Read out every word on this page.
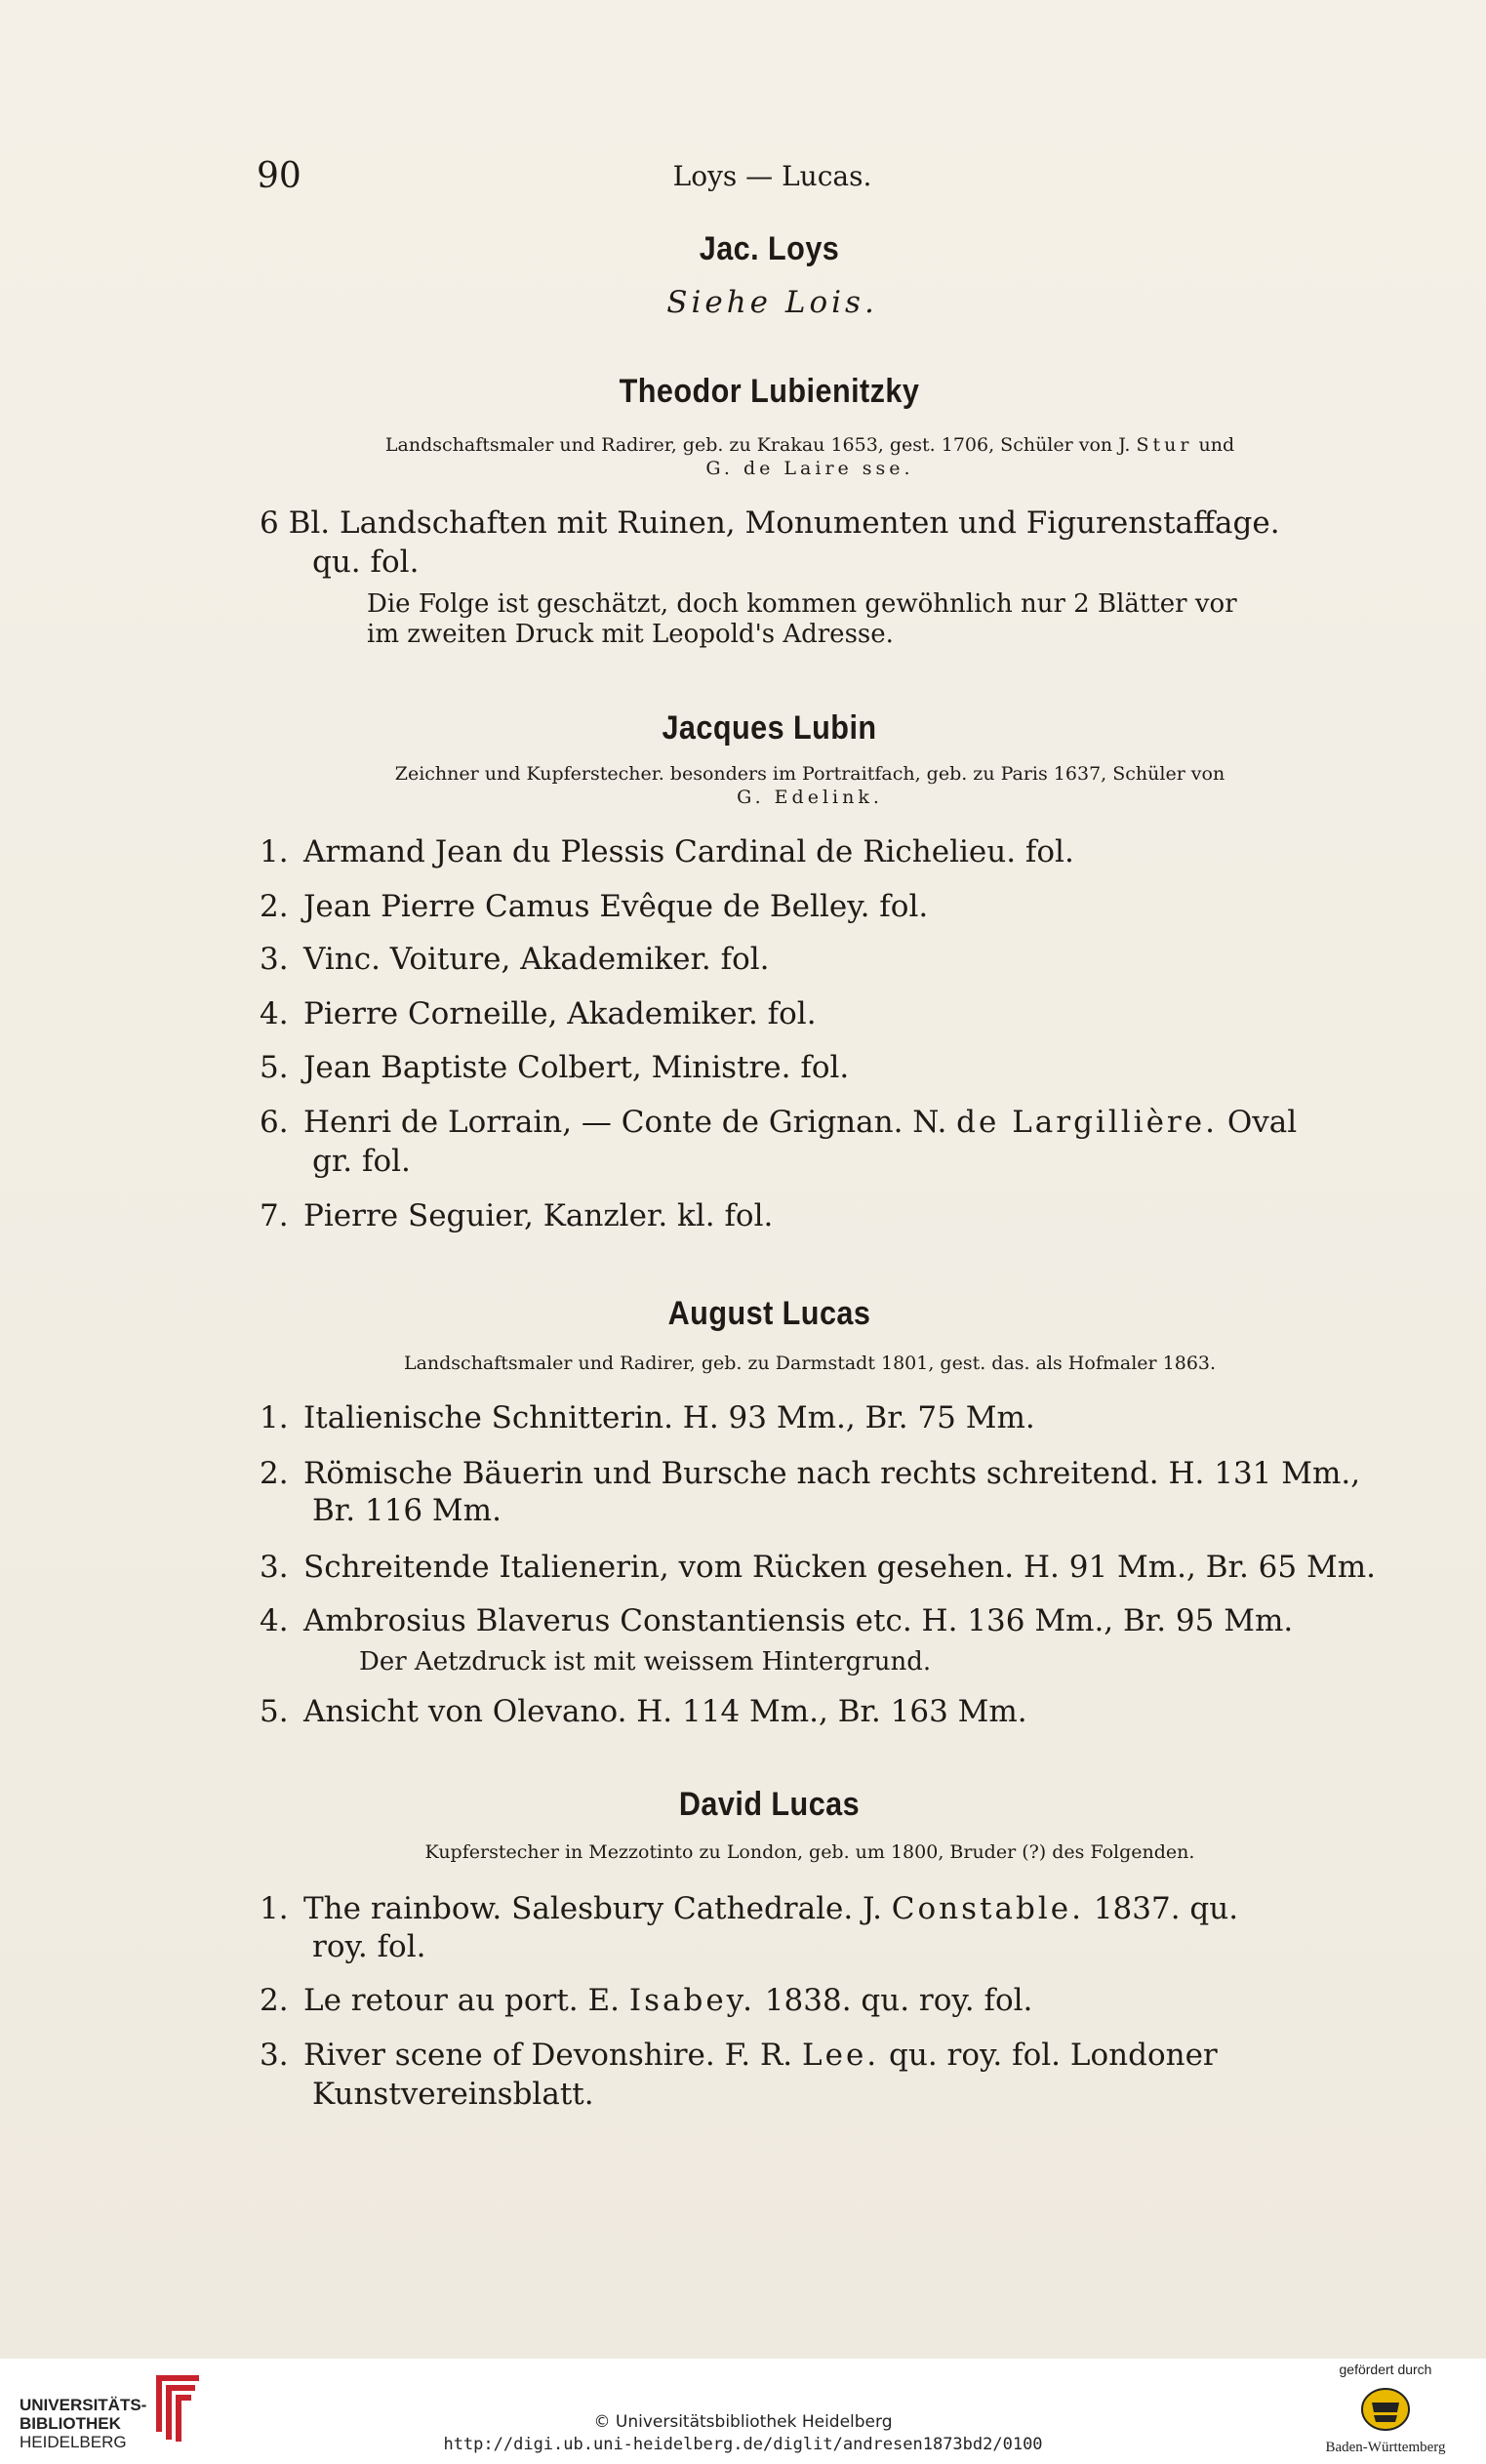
90	Loys — Lucas.
Jac. Loys
Siehe Lois.
Theodor Lubienitzky
Landschaftsmaler und Radirer, geb. zu Krakau 1653, gest. 1706, Schüler von J. Stur und
G. de Laire sse.
6 Bl. Landschaften mit Ruinen, Monumenten und Figurenstaffage.
qu. fol.
Die Folge ist geschätzt, doch kommen gewöhnlich nur 2 Blätter vor
im zweiten Druck mit Leopold's Adresse.
Jacques Lubin
Zeichner und Kupferstecher. besonders im Portraitfach, geb. zu Paris 1637, Schüler von
G. Edelink.
1. Armand Jean du Plessis Cardinal de Richelieu. fol.
2. Jean Pierre Camus Evêque de Belley. fol.
3. Vinc. Voiture, Akademiker. fol.
4. Pierre Corneille, Akademiker. fol.
5. Jean Baptiste Colbert, Ministre. fol.
6. Henri de Lorrain, — Conte de Grignan. N. de Largillière. Oval
gr. fol.
7. Pierre Seguier, Kanzler. kl. fol.
August Lucas
Landschaftsmaler und Radirer, geb. zu Darmstadt 1801, gest. das. als Hofmaler 1863.
1. Italienische Schnitterin. H. 93 Mm., Br. 75 Mm.
2. Römische Bäuerin und Bursche nach rechts schreitend. H. 131 Mm.,
Br. 116 Mm.
3. Schreitende Italienerin, vom Rücken gesehen. H. 91 Mm., Br. 65 Mm.
4. Ambrosius Blaverus Constantiensis etc. H. 136 Mm., Br. 95 Mm.
Der Aetzdruck ist mit weissem Hintergrund.
5. Ansicht von Olevano. H. 114 Mm., Br. 163 Mm.
David Lucas
Kupferstecher in Mezzotinto zu London, geb. um 1800, Bruder (?) des Folgenden.
1. The rainbow. Salesbury Cathedrale. J. Constable. 1837. qu.
roy. fol.
2. Le retour au port. E. Isabey. 1838. qu. roy. fol.
3. River scene of Devonshire. F. R. Lee. qu. roy. fol. Londoner
Kunstvereinsblatt.
UNIVERSITÄTS-
BIBLIOTHEK
HEIDELBERG
© Universitätsbibliothek Heidelberg
http://digi.ub.uni-heidelberg.de/diglit/andresen1873bd2/0100
gefördert durch
Baden-Württemberg
